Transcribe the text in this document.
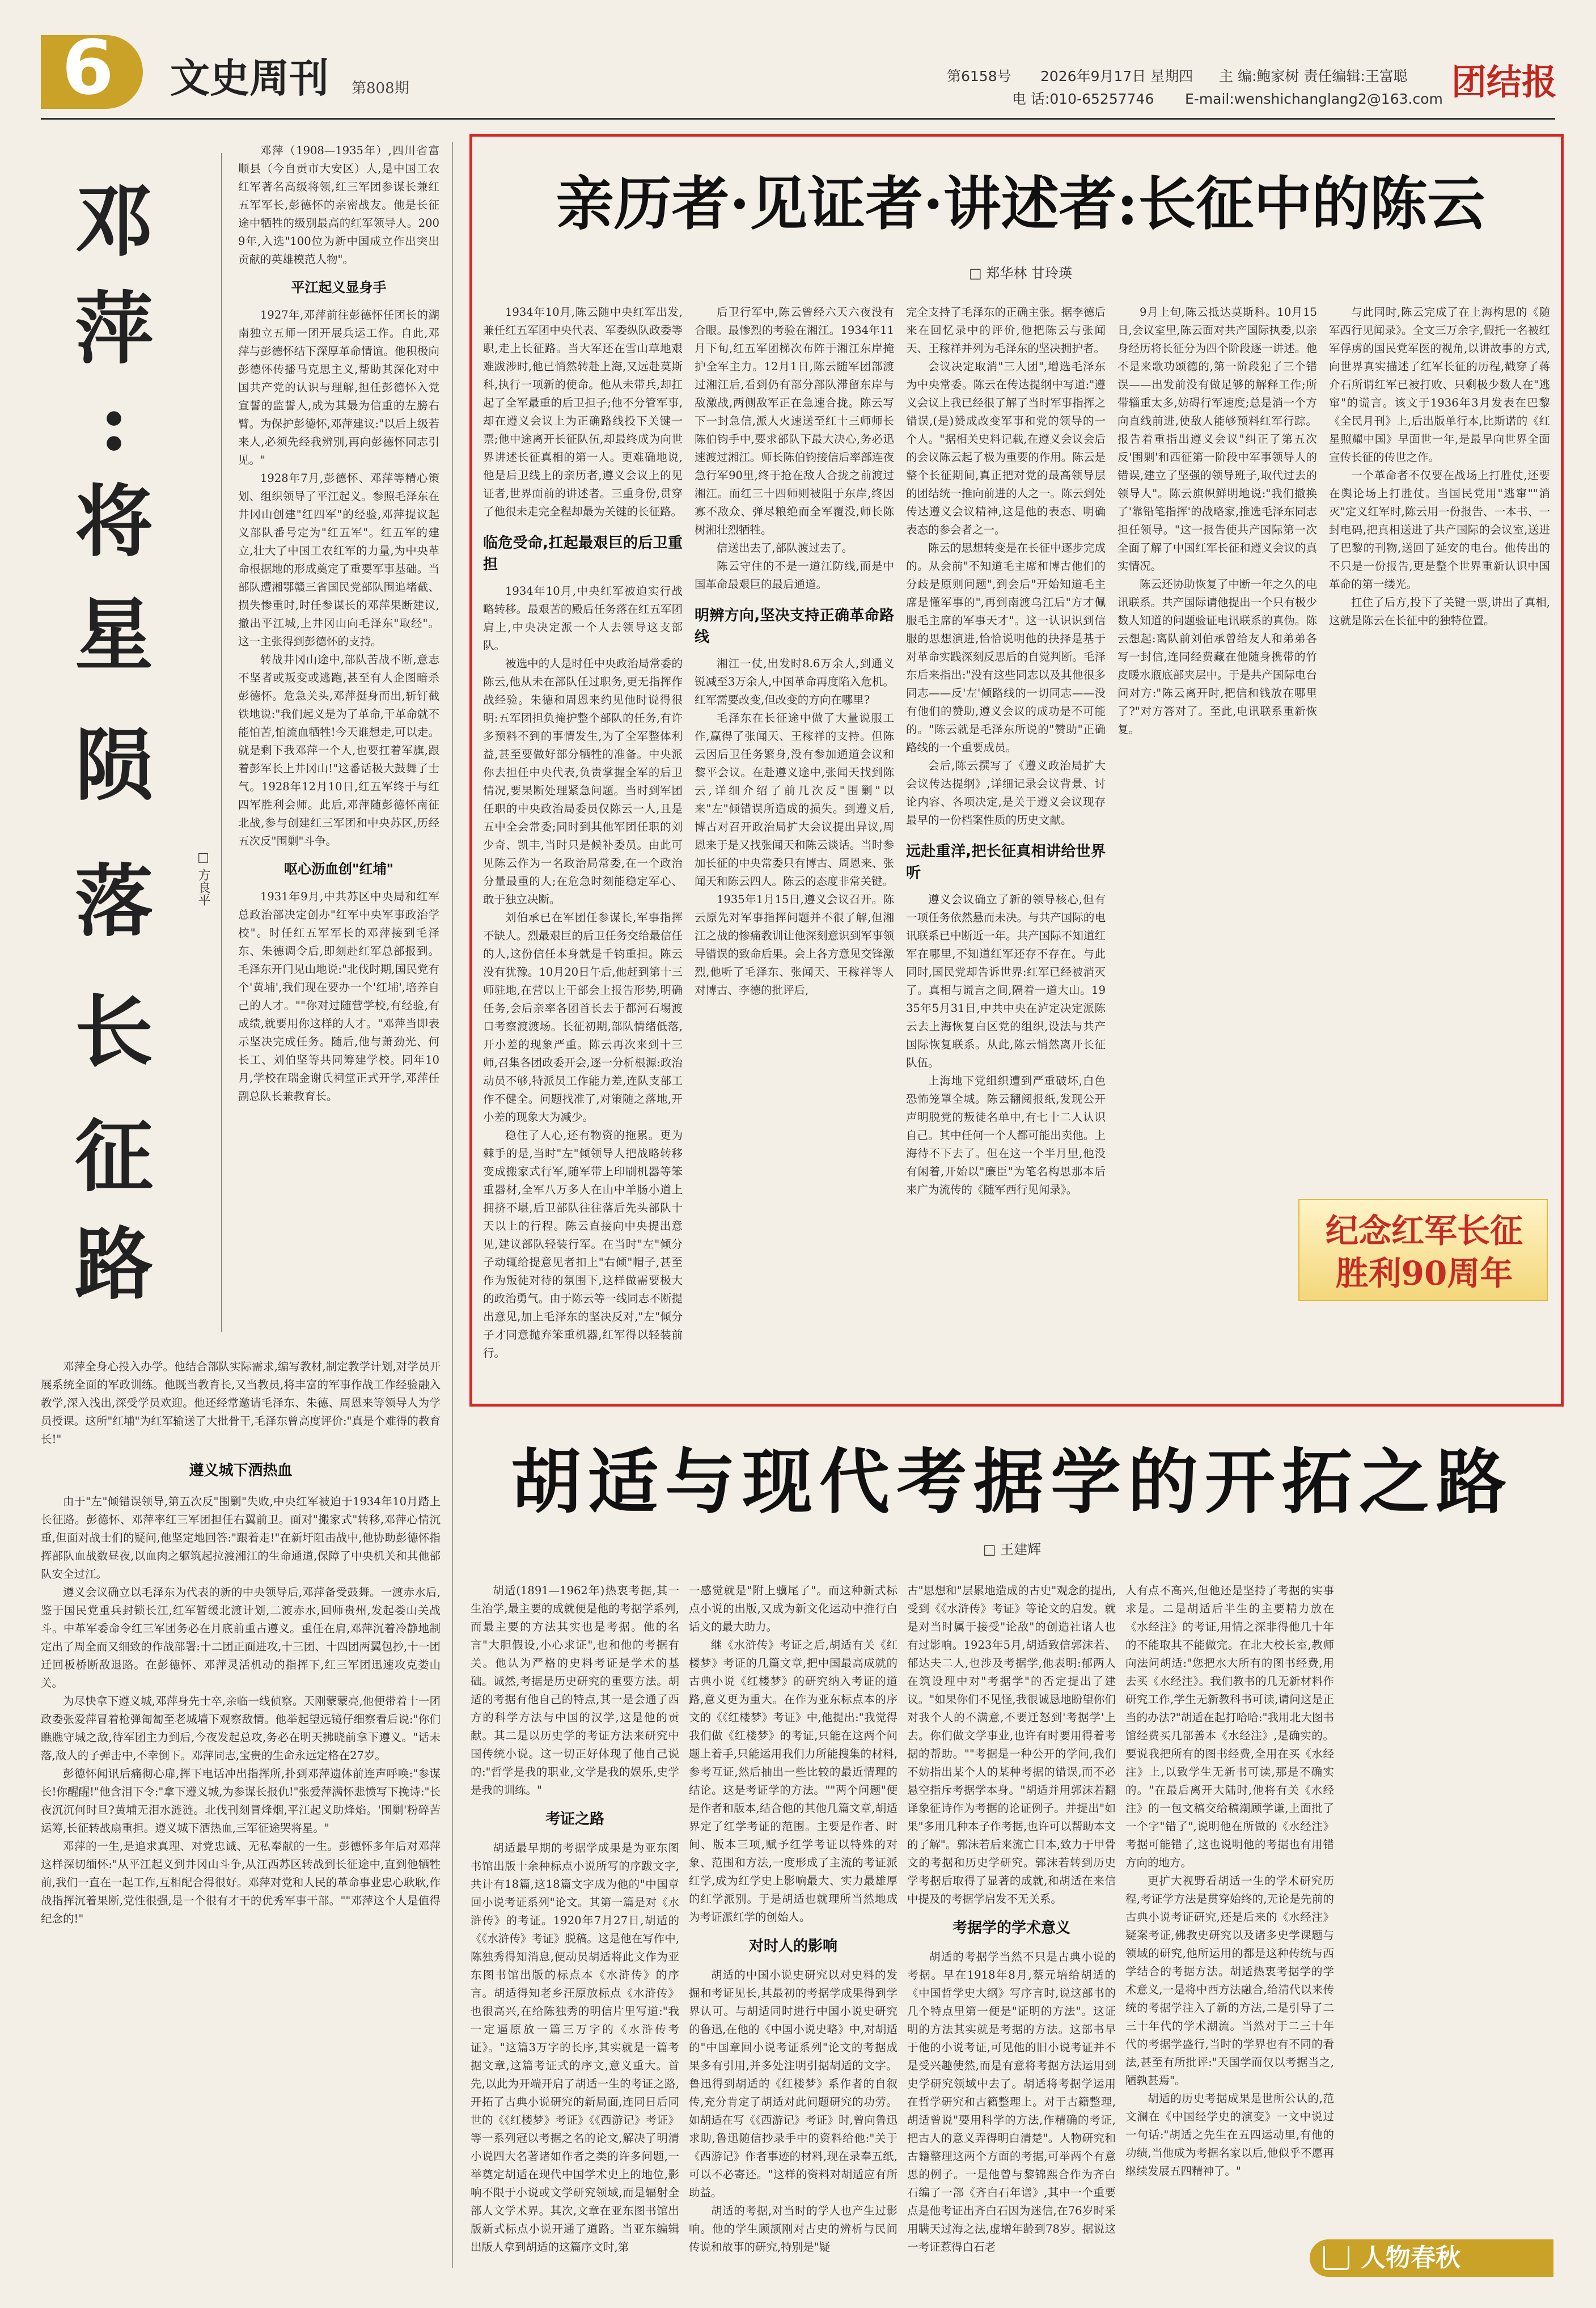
6	文史周刊 第808期
第6158号 2026年9月17日 星期四 主 编:鲍家树 责任编辑:王富聪
电 话:010-65257746 E-mail:wenshichanglang2@163.com 团结报
邓
萍
:
将
星
陨
落
长
征
路
□ 方良平

邓萍（1908—1935年）,四川省富顺县（今自贡市大安区）人,是中国工农红军著名高级将领,红三军团参谋长兼红五军军长,彭德怀的亲密战友。他是长征途中牺牲的级别最高的红军领导人。2009年,入选"100位为新中国成立作出突出贡献的英雄模范人物"。

平江起义显身手

1927年,邓萍前往彭德怀任团长的湖南独立五师一团开展兵运工作。自此,邓萍与彭德怀结下深厚革命情谊。他积极向彭德怀传播马克思主义,帮助其深化对中国共产党的认识与理解,担任彭德怀入党宣誓的监誓人,成为其最为信重的左膀右臂。为保护彭德怀,邓萍建议:"以后上级若来人,必须先经我辨别,再向彭德怀同志引见。"

1928年7月,彭德怀、邓萍等精心策划、组织领导了平江起义。参照毛泽东在井冈山创建"红四军"的经验,邓萍提议起义部队番号定为"红五军"。红五军的建立,壮大了中国工农红军的力量,为中央革命根据地的形成奠定了重要军事基础。当部队遭湘鄂赣三省国民党部队围追堵截、损失惨重时,时任参谋长的邓萍果断建议,撤出平江城,上井冈山向毛泽东"取经"。这一主张得到彭德怀的支持。

转战井冈山途中,部队苦战不断,意志不坚者或叛变或逃跑,甚至有人企图暗杀彭德怀。危急关头,邓萍挺身而出,斩钉截铁地说:"我们起义是为了革命,干革命就不能怕苦,怕流血牺牲!今天谁想走,可以走。就是剩下我邓萍一个人,也要扛着军旗,跟着彭军长上井冈山!"这番话极大鼓舞了士气。1928年12月10日,红五军终于与红四军胜利会师。此后,邓萍随彭德怀南征北战,参与创建红三军团和中央苏区,历经五次反"围剿"斗争。

呕心沥血创"红埔"

1931年9月,中共苏区中央局和红军总政治部决定创办"红军中央军事政治学校"。时任红五军军长的邓萍接到毛泽东、朱德调令后,即刻赴红军总部报到。毛泽东开门见山地说:"北伐时期,国民党有个'黄埔',我们现在要办一个'红埔',培养自己的人才。""你对过随营学校,有经验,有成绩,就要用你这样的人才。"邓萍当即表示坚决完成任务。随后,他与萧劲光、何长工、刘伯坚等共同筹建学校。同年10月,学校在瑞金谢氏祠堂正式开学,邓萍任副总队长兼教育长。

邓萍全身心投入办学。他结合部队实际需求,编写教材,制定教学计划,对学员开展系统全面的军政训练。他既当教育长,又当教员,将丰富的军事作战工作经验融入教学,深入浅出,深受学员欢迎。他还经常邀请毛泽东、朱德、周恩来等领导人为学员授课。这所"红埔"为红军输送了大批骨干,毛泽东曾高度评价:"真是个难得的教育长!"

遵义城下洒热血

由于"左"倾错误领导,第五次反"围剿"失败,中央红军被迫于1934年10月踏上长征路。彭德怀、邓萍率红三军团担任右翼前卫。面对"搬家式"转移,邓萍心情沉重,但面对战士们的疑问,他坚定地回答:"跟着走!"在新圩阻击战中,他协助彭德怀指挥部队血战数昼夜,以血肉之躯筑起拉渡湘江的生命通道,保障了中央机关和其他部队安全过江。

遵义会议确立以毛泽东为代表的新的中央领导后,邓萍备受鼓舞。一渡赤水后,鉴于国民党重兵封锁长江,红军暂缓北渡计划,二渡赤水,回师贵州,发起娄山关战斗。中革军委命令红三军团务必在月底前重占遵义。重任在肩,邓萍沉着冷静地制定出了周全而又细致的作战部署:十二团正面进攻,十三团、十四团两翼包抄,十一团迁回板桥断敌退路。在彭德怀、邓萍灵活机动的指挥下,红三军团迅速攻克娄山关。

为尽快拿下遵义城,邓萍身先士卒,亲临一线侦察。天刚蒙蒙亮,他便带着十一团政委张爱萍冒着枪弹匍匐至老城墙下观察敌情。他举起望远镜仔细察看后说:"你们瞧瞧守城之敌,待军团主力到后,今夜发起总攻,务必在明天拂晓前拿下遵义。"话未落,敌人的子弹击中,不幸倒下。邓萍同志,宝贵的生命永远定格在27岁。

彭德怀闻讯后痛彻心扉,挥下电话冲出指挥所,扑到邓萍遗体前连声呼唤:"参谋长!你醒醒!"他含泪下令:"拿下遵义城,为参谋长报仇!"张爱萍满怀悲愤写下挽诗:"长夜沉沉何时旦?黄埔无泪水涟涟。北伐刊刻冒烽烟,平江起义助烽焰。'围剿'粉碎苦运筹,长征转战扇重担。遵义城下洒热血,三军征途哭将星。"

邓萍的一生,是追求真理、对党忠诚、无私奉献的一生。彭德怀多年后对邓萍这样深切缅怀:"从平江起义到井冈山斗争,从江西苏区转战到长征途中,直到他牺牲前,我们一直在一起工作,互相配合得很好。邓萍对党和人民的革命事业忠心耿耿,作战指挥沉着果断,党性很强,是一个很有才干的优秀军事干部。""邓萍这个人是值得纪念的!"

亲历者·见证者·讲述者:长征中的陈云
□ 郑华林 甘玲瑛

1934年10月,陈云随中央红军出发,兼任红五军团中央代表、军委纵队政委等职,走上长征路。当大军还在雪山草地艰难跋涉时,他已悄然转赴上海,又远赴莫斯科,执行一项新的使命。他从未带兵,却扛起了全军最重的后卫担子;他不分管军事,却在遵义会议上为正确路线投下关键一票;他中途离开长征队伍,却最终成为向世界讲述长征真相的第一人。更难确地说,他是后卫线上的亲历者,遵义会议上的见证者,世界面前的讲述者。三重身份,贯穿了他很未走完全程却最为关键的长征路。

临危受命,扛起最艰巨的后卫重担

1934年10月,中央红军被迫实行战略转移。最艰苦的殿后任务落在红五军团肩上,中央决定派一个人去领导这支部队。

被选中的人是时任中央政治局常委的陈云,他从未在部队任过职务,更无指挥作战经验。朱德和周恩来约见他时说得很明:五军团担负掩护整个部队的任务,有许多预料不到的事情发生,为了全军整体利益,甚至要做好部分牺牲的准备。中央派你去担任中央代表,负责掌握全军的后卫情况,要果断处理紧急问题。当时到军团任职的中央政治局委员仅陈云一人,且是五中全会常委;同时到其他军团任职的刘少奇、凯丰,当时只是候补委员。由此可见陈云作为一名政治局常委,在一个政治分量最重的人;在危急时刻能稳定军心、敢于独立决断。

刘伯承已在军团任参谋长,军事指挥不缺人。烈最艰巨的后卫任务交给最信任的人,这份信任本身就是千钧重担。陈云没有犹豫。10月20日午后,他赶到第十三师驻地,在营以上干部会上报告形势,明确任务,会后亲率各团首长去于都河石埸渡口考察渡渡场。长征初期,部队情绪低落,开小差的现象严重。陈云再次来到十三师,召集各团政委开会,逐一分析根源:政治动员不够,特派员工作能力差,连队支部工作不健全。问题找准了,对策随之落地,开小差的现象大为减少。

稳住了人心,还有物资的拖累。更为棘手的是,当时"左"倾领导人把战略转移变成搬家式行军,随军带上印刷机器等笨重器材,全军八万多人在山中羊肠小道上拥挤不堪,后卫部队往往落后先头部队十天以上的行程。陈云直接向中央提出意见,建议部队轻装行军。在当时"左"倾分子动辄给提意见者扣上"右倾"帽子,甚至作为叛徒对待的氛围下,这样做需要极大的政治勇气。由于陈云等一线同志不断提出意见,加上毛泽东的坚决反对,"左"倾分子才同意抛弃笨重机器,红军得以轻装前行。

后卫行军中,陈云曾经六天六夜没有合眼。最惨烈的考验在湘江。1934年11月下旬,红五军团梯次布阵于湘江东岸掩护全军主力。12月1日,陈云随军团部渡过湘江后,看到仍有部分部队滞留东岸与敌激战,两侧敌军正在急速合拢。陈云写下一封急信,派人火速送至红十三师师长陈伯钧手中,要求部队下最大决心,务必迅速渡过湘江。师长陈伯钧接信后率部连夜急行军90里,终于抢在敌人合拢之前渡过湘江。而红三十四师则被阻于东岸,终因寡不敌众、弹尽粮绝而全军覆没,师长陈树湘壮烈牺牲。

信送出去了,部队渡过去了。

陈云守住的不是一道江防线,而是中国革命最艰巨的最后通道。

明辨方向,坚决支持正确革命路线

湘江一仗,出发时8.6万余人,到通义锐减至3万余人,中国革命再度陷入危机。红军需要改变,但改变的方向在哪里?

毛泽东在长征途中做了大量说服工作,赢得了张闻天、王稼祥的支持。但陈云因后卫任务繁身,没有参加通道会议和黎平会议。在赴遵义途中,张闻天找到陈云,详细介绍了前几次反"围剿"以来"左"倾错误所造成的损失。到遵义后,博古对召开政治局扩大会议提出异议,周恩来于是又找张闻天和陈云谈话。当时参加长征的中央常委只有博古、周恩来、张闻天和陈云四人。陈云的态度非常关键。

1935年1月15日,遵义会议召开。陈云原先对军事指挥问题并不很了解,但湘江之战的惨痛教训让他深刻意识到军事领导错误的致命后果。会上各方意见交锋激烈,他听了毛泽东、张闻天、王稼祥等人对博古、李德的批评后,

完全支持了毛泽东的正确主张。据李德后来在回忆录中的评价,他把陈云与张闻天、王稼祥并列为毛泽东的坚决拥护者。

会议决定取消"三人团",增选毛泽东为中央常委。陈云在传达提纲中写道:"遵义会议上我已经很了解了当时军事指挥之错误,(是)赞成改变军事和党的领导的一个人。"据相关史料记载,在遵义会议会后的会议陈云起了极为重要的作用。陈云是整个长征期间,真正把对党的最高领导层的团结统一推向前进的人之一。陈云到处传达遵义会议精神,这是他的表态、明确表态的参会者之一。

陈云的思想转变是在长征中逐步完成的。从会前"不知道毛主席和博古他们的分歧是原则问题",到会后"开始知道毛主席是懂军事的",再到南渡乌江后"方才佩服毛主席的军事天才"。这一认识识到信服的思想演进,恰恰说明他的抉择是基于对革命实践深刻反思后的自觉判断。毛泽东后来指出:"没有这些同志以及其他很多同志——反'左'倾路线的一切同志——没有他们的赞助,遵义会议的成功是不可能的。"陈云就是毛泽东所说的"赞助"正确路线的一个重要成员。

会后,陈云撰写了《遵义政治局扩大会议传达提纲》,详细记录会议背景、讨论内容、各项决定,是关于遵义会议现存最早的一份档案性质的历史文献。

远赴重洋,把长征真相讲给世界听

遵义会议确立了新的领导核心,但有一项任务依然悬而未决。与共产国际的电讯联系已中断近一年。共产国际不知道红军在哪里,不知道红军还存不存在。与此同时,国民党却告诉世界:红军已经被消灭了。真相与谎言之间,隔着一道大山。1935年5月31日,中共中央在泸定决定派陈云去上海恢复白区党的组织,设法与共产国际恢复联系。从此,陈云悄然离开长征队伍。

上海地下党组织遭到严重破坏,白色恐怖笼罩全城。陈云翻阅报纸,发现公开声明脱党的叛徒名单中,有七十二人认识自己。其中任何一个人都可能出卖他。上海待不下去了。但在这一个半月里,他没有闲着,开始以"廉臣"为笔名构思那本后来广为流传的《随军西行见闻录》。

9月上旬,陈云抵达莫斯科。10月15日,会议室里,陈云面对共产国际执委,以亲身经历将长征分为四个阶段逐一讲述。他不是来歌功颂德的,第一阶段犯了三个错误——出发前没有做足够的解释工作;所带辎重太多,妨碍行军速度;总是消一个方向直线前进,使敌人能够预料红军行踪。报告着重指出遵义会议"纠正了第五次反'围剿'和西征第一阶段中军事领导人的错误,建立了坚强的领导班子,取代过去的领导人"。陈云旗帜鲜明地说:"我们撤换了'靠铅笔指挥'的战略家,推选毛泽东同志担任领导。"这一报告使共产国际第一次全面了解了中国红军长征和遵义会议的真实情况。

陈云还协助恢复了中断一年之久的电讯联系。共产国际请他提出一个只有极少数人知道的问题验证电讯联系的真伪。陈云想起:离队前刘伯承曾给友人和弟弟各写一封信,连同经费藏在他随身携带的竹皮暖水瓶底部夹层中。于是共产国际电台问对方:"陈云离开时,把信和钱放在哪里了?"对方答对了。至此,电讯联系重新恢复。

与此同时,陈云完成了在上海构思的《随军西行见闻录》。全文三万余字,假托一名被红军俘虏的国民党军医的视角,以讲故事的方式,向世界真实描述了红军长征的历程,戳穿了蒋介石所谓红军已被打败、只剩极少数人在"逃窜"的谎言。该文于1936年3月发表在巴黎《全民月刊》上,后出版单行本,比斯诺的《红星照耀中国》早面世一年,是最早向世界全面宣传长征的传世之作。

一个革命者不仅要在战场上打胜仗,还要在舆论场上打胜仗。当国民党用"逃窜""消灭"定义红军时,陈云用一份报告、一本书、一封电码,把真相送进了共产国际的会议室,送进了巴黎的刊物,送回了延安的电台。他传出的不只是一份报告,更是整个世界重新认识中国革命的第一缕光。

扛住了后方,投下了关键一票,讲出了真相,这就是陈云在长征中的独特位置。

纪念红军长征
胜利90周年
胡适与现代考据学的开拓之路
□ 王建辉

胡适(1891—1962年)热衷考据,其一生治学,最主要的成就便是他的考据学系列,而最主要的方法其实也是考据。他的名言"大胆假设,小心求证",也和他的考据有关。他认为严格的史料考证是学术的基础。诚然,考据是历史研究的重要方法。胡适的考据有他自己的特点,其一是会通了西方的科学方法与中国的汉学,这是他的贡献。其二是以历史学的考证方法来研究中国传统小说。这一切正好体现了他自己说的:"哲学是我的职业,文学是我的娱乐,史学是我的训练。"

考证之路

胡适最早期的考据学成果是为亚东图书馆出版十余种标点小说所写的序跋文字,共计有18篇,这18篇文字成为他的"中国章回小说考证系列"论文。其第一篇是对《水浒传》的考证。1920年7月27日,胡适的《《水浒传》考证》脱稿。这是他在写作中,陈独秀得知消息,便动员胡适将此文作为亚东图书馆出版的标点本《水浒传》的序言。胡适得知老乡汪原放标点《水浒传》也很高兴,在给陈独秀的明信片里写道:"我一定逼原放一篇三万字的《水浒传考证》。"这篇3万字的长序,其实就是一篇考据文章,这篇考证式的序文,意义重大。首先,以此为开端开启了胡适一生的考证之路,开拓了古典小说研究的新局面,连同日后同世的《《红楼梦》考证》《《西游记》考证》等一系列冠以考据之名的论文,解决了明清小说四大名著诸如作者之类的许多问题,一举奠定胡适在现代中国学术史上的地位,影响不限于小说或文学研究领域,而是辐射全部人文学术界。其次,文章在亚东图书馆出版新式标点小说开通了道路。当亚东编辑出版人拿到胡适的这篇序文时,第

一感觉就是"附上骥尾了"。而这种新式标点小说的出版,又成为新文化运动中推行白话文的最大助力。

继《水浒传》考证之后,胡适有关《红楼梦》考证的几篇文章,把中国最高成就的古典小说《红楼梦》的研究纳入考证的道路,意义更为重大。在作为亚东标点本的序文的《《红楼梦》考证》中,他提出:"我觉得我们做《红楼梦》的考证,只能在这两个问题上着手,只能运用我们力所能搜集的材料,参考互证,然后抽出一些比较的最近情理的结论。这是考证学的方法。""两个问题"便是作者和版本,结合他的其他几篇文章,胡适界定了红学考证的范围。主要是作者、时间、版本三项,赋予红学考证以特殊的对象、范围和方法,一度形成了主流的考证派红学,成为红学史上影响最大、实力最雄厚的红学派别。于是胡适也就理所当然地成为考证派红学的创始人。

对时人的影响

胡适的中国小说史研究以对史料的发掘和考证见长,其最初的考据学成果得到学界认可。与胡适同时进行中国小说史研究的鲁迅,在他的《中国小说史略》中,对胡适的"中国章回小说考证系列"论文的考据成果多有引用,并多处注明引据胡适的文字。鲁迅得到胡适的《红楼梦》系作者的自叙传,充分肯定了胡适对此问题研究的功劳。如胡适在写《《西游记》考证》时,曾向鲁迅求助,鲁迅随信抄录手中的资料给他:"关于《西游记》作者事迹的材料,现在录奉五纸,可以不必寄还。"这样的资料对胡适应有所助益。

胡适的考据,对当时的学人也产生过影响。他的学生顾颉刚对古史的辨析与民间传说和故事的研究,特别是"疑

古"思想和"层累地造成的古史"观念的提出,受到《《水浒传》考证》等论文的启发。就是对当时属于接受"论敌"的创造社诸人也有过影响。1923年5月,胡适致信郭沫若、郁达夫二人,也涉及考据学,他表明:郁两人在筑设理中对"考据学"的否定提出了建议。"如果你们不见怪,我很诚恳地盼望你们对我个人的不满意,不要迁怒到'考据学'上去。你们做文学事业,也许有时要用得着考据的帮助。""考据是一种公开的学问,我们不妨指出某个人的某种考据的错误,而不必悬空指斥考据学本身。"胡适并用郭沫若翻译象征诗作为考据的论证例子。并提出"如果"多用几种本子作考据,也许可以帮助本文的了解"。郭沫若后来流亡日本,致力于甲骨文的考据和历史学研究。郭沫若转到历史学考据后取得了显著的成就,和胡适在来信中提及的考据学启发不无关系。

考据学的学术意义

胡适的考据学当然不只是古典小说的考据。早在1918年8月,蔡元培给胡适的《中国哲学史大纲》写序言时,说这部书的几个特点里第一便是"证明的方法"。这证明的方法其实就是考据的方法。这部书早于他的小说考证,可见他的旧小说考证并不是受兴趣使然,而是有意将考据方法运用到史学研究领域中去了。胡适将考据学运用在哲学研究和古籍整理上。对于古籍整理,胡适曾说"要用科学的方法,作精确的考证,把古人的意义弄得明白清楚"。人物研究和古籍整理这两个方面的考据,可举两个有意思的例子。一是他曾与黎锦熙合作为齐白石编了一部《齐白石年谱》,其中一个重要点是他考证出齐白石因为迷信,在76岁时采用瞒天过海之法,虚增年龄到78岁。据说这一考证惹得白石老

人有点不高兴,但他还是坚持了考据的实事求是。二是胡适后半生的主要精力放在《水经注》的考证,用情之深非得他几十年的不能取其不能做完。在北大校长室,教师向法问胡适:"您把水大所有的图书经费,用去买《水经注》。我们教书的几无新材料作研究工作,学生无新教科书可读,请问这是正当的办法?"胡适在起打哈哈:"我用北大图书馆经费买几部善本《水经注》,是确实的。要说我把所有的图书经费,全用在买《水经注》上,以致学生无新书可读,那是不确实的。"在最后离开大陆时,他将有关《水经注》的一包文稿交给稿潮顾学谦,上面批了一个字"错了",说明他在所做的《水经注》考据可能错了,这也说明他的考据也有用错方向的地方。

更扩大视野看胡适一生的学术研究历程,考证学方法是贯穿始终的,无论是先前的古典小说考证研究,还是后来的《水经注》疑案考证,佛教史研究以及诸多史学课题与领域的研究,他所运用的都是这种传统与西学结合的考据方法。胡适热衷考据学的学术意义,一是将中西方法融合,给清代以来传统的考据学注入了新的方法,二是引导了二三十年代的学术潮流。当然对于二三十年代的考据学盛行,当时的学界也有不同的看法,甚至有所批评:"天国学而仅以考据当之,陋孰甚焉"。

胡适的历史考据成果是世所公认的,范文澜在《中国经学史的演变》一文中说过一句话:"胡适之先生在五四运动里,有他的功绩,当他成为考据名家以后,他似乎不愿再继续发展五四精神了。"

人物春秋
